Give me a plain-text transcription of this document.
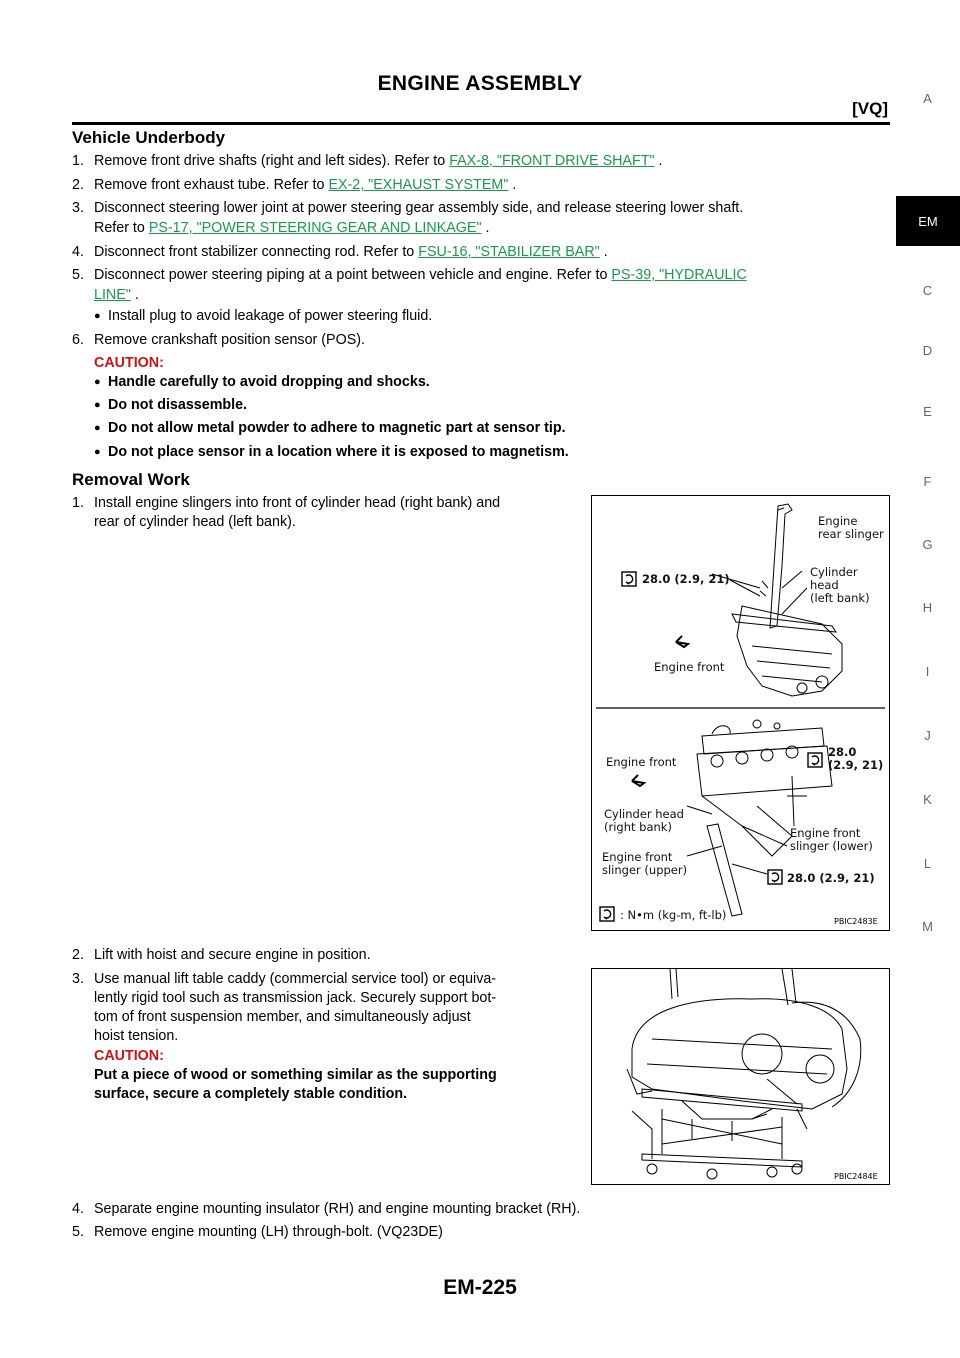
ENGINE ASSEMBLY
[VQ]
A
EM
C
D
E
F
G
H
I
J
K
L
M
Vehicle Underbody
1. Remove front drive shafts (right and left sides). Refer to FAX-8, "FRONT DRIVE SHAFT" .
2. Remove front exhaust tube. Refer to EX-2, "EXHAUST SYSTEM" .
3. Disconnect steering lower joint at power steering gear assembly side, and release steering lower shaft.
Refer to PS-17, "POWER STEERING GEAR AND LINKAGE" .
4. Disconnect front stabilizer connecting rod. Refer to FSU-16, "STABILIZER BAR" .
5. Disconnect power steering piping at a point between vehicle and engine. Refer to PS-39, "HYDRAULIC
LINE" .
● Install plug to avoid leakage of power steering fluid.
6. Remove crankshaft position sensor (POS).
CAUTION:
● Handle carefully to avoid dropping and shocks.
● Do not disassemble.
● Do not allow metal powder to adhere to magnetic part at sensor tip.
● Do not place sensor in a location where it is exposed to magnetism.
Removal Work
1. Install engine slingers into front of cylinder head (right bank) and
rear of cylinder head (left bank).	Engine
rear slinger
28.0 (2.9, 21)	Cylinder
head
(left bank)
Engine front
Engine front
28.0
(2.9, 21)
Cylinder head
(right bank)	Engine front
slinger (lower)
Engine front
slinger (upper)
28.0 (2.9, 21)
: N•m (kg-m, ft-lb)	PBIC2483E
2. Lift with hoist and secure engine in position.
3. Use manual lift table caddy (commercial service tool) or equiva-
lently rigid tool such as transmission jack. Securely support bot-
tom of front suspension member, and simultaneously adjust
hoist tension.
CAUTION:
Put a piece of wood or something similar as the supporting
surface, secure a completely stable condition.
PBIC2484E
4. Separate engine mounting insulator (RH) and engine mounting bracket (RH).
5. Remove engine mounting (LH) through-bolt. (VQ23DE)
EM-225
